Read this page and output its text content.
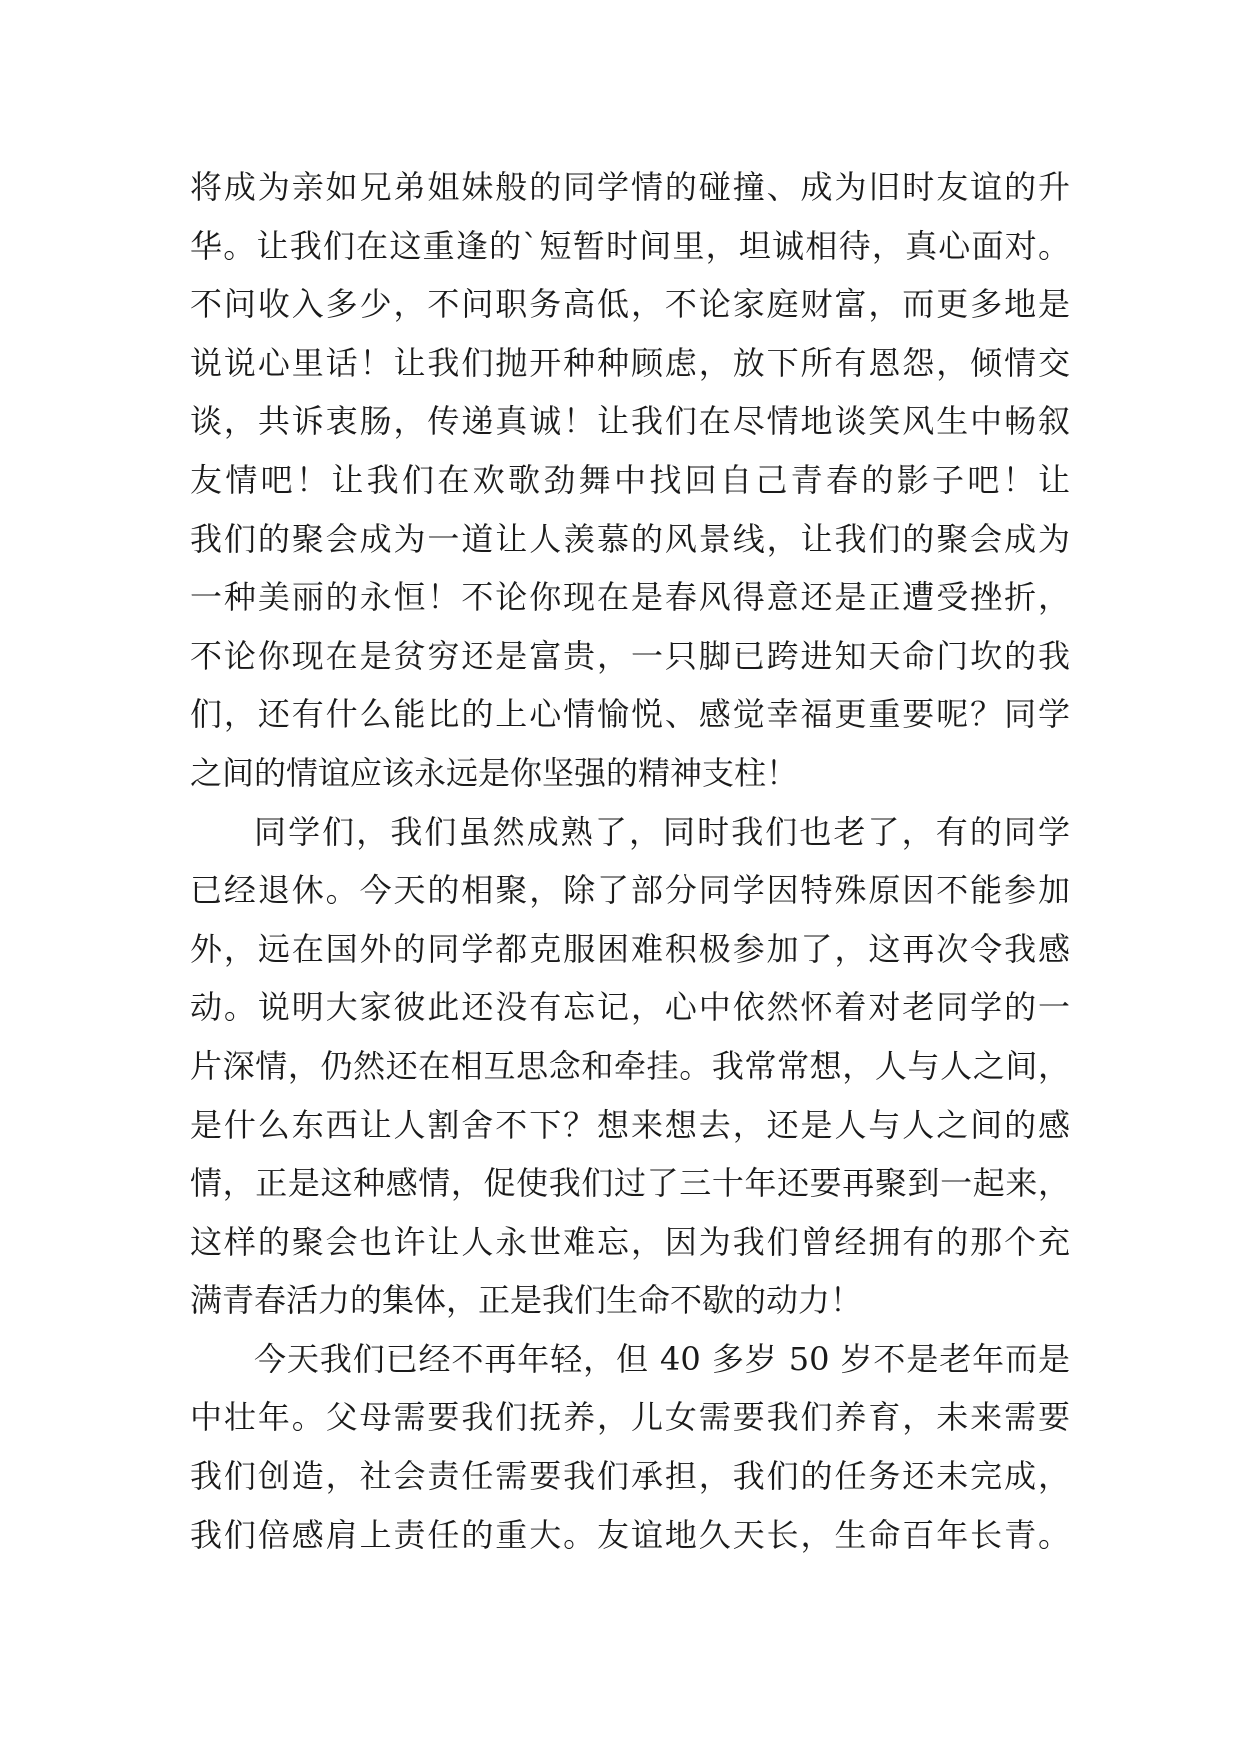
将成为亲如兄弟姐妹般的同学情的碰撞、成为旧时友谊的升
华。让我们在这重逢的`短暂时间里，坦诚相待，真心面对。
不问收入多少，不问职务高低，不论家庭财富，而更多地是
说说心里话！让我们抛开种种顾虑，放下所有恩怨，倾情交
谈，共诉衷肠，传递真诚！让我们在尽情地谈笑风生中畅叙
友情吧！让我们在欢歌劲舞中找回自己青春的影子吧！让
我们的聚会成为一道让人羡慕的风景线，让我们的聚会成为
一种美丽的永恒！不论你现在是春风得意还是正遭受挫折，
不论你现在是贫穷还是富贵，一只脚已跨进知天命门坎的我
们，还有什么能比的上心情愉悦、感觉幸福更重要呢？同学
之间的情谊应该永远是你坚强的精神支柱！
同学们，我们虽然成熟了，同时我们也老了，有的同学
已经退休。今天的相聚，除了部分同学因特殊原因不能参加
外，远在国外的同学都克服困难积极参加了，这再次令我感
动。说明大家彼此还没有忘记，心中依然怀着对老同学的一
片深情，仍然还在相互思念和牵挂。我常常想，人与人之间，
是什么东西让人割舍不下？想来想去，还是人与人之间的感
情，正是这种感情，促使我们过了三十年还要再聚到一起来，
这样的聚会也许让人永世难忘，因为我们曾经拥有的那个充
满青春活力的集体，正是我们生命不歇的动力！
今天我们已经不再年轻，但 40 多岁 50 岁不是老年而是
中壮年。父母需要我们抚养，儿女需要我们养育，未来需要
我们创造，社会责任需要我们承担，我们的任务还未完成，
我们倍感肩上责任的重大。友谊地久天长，生命百年长青。
